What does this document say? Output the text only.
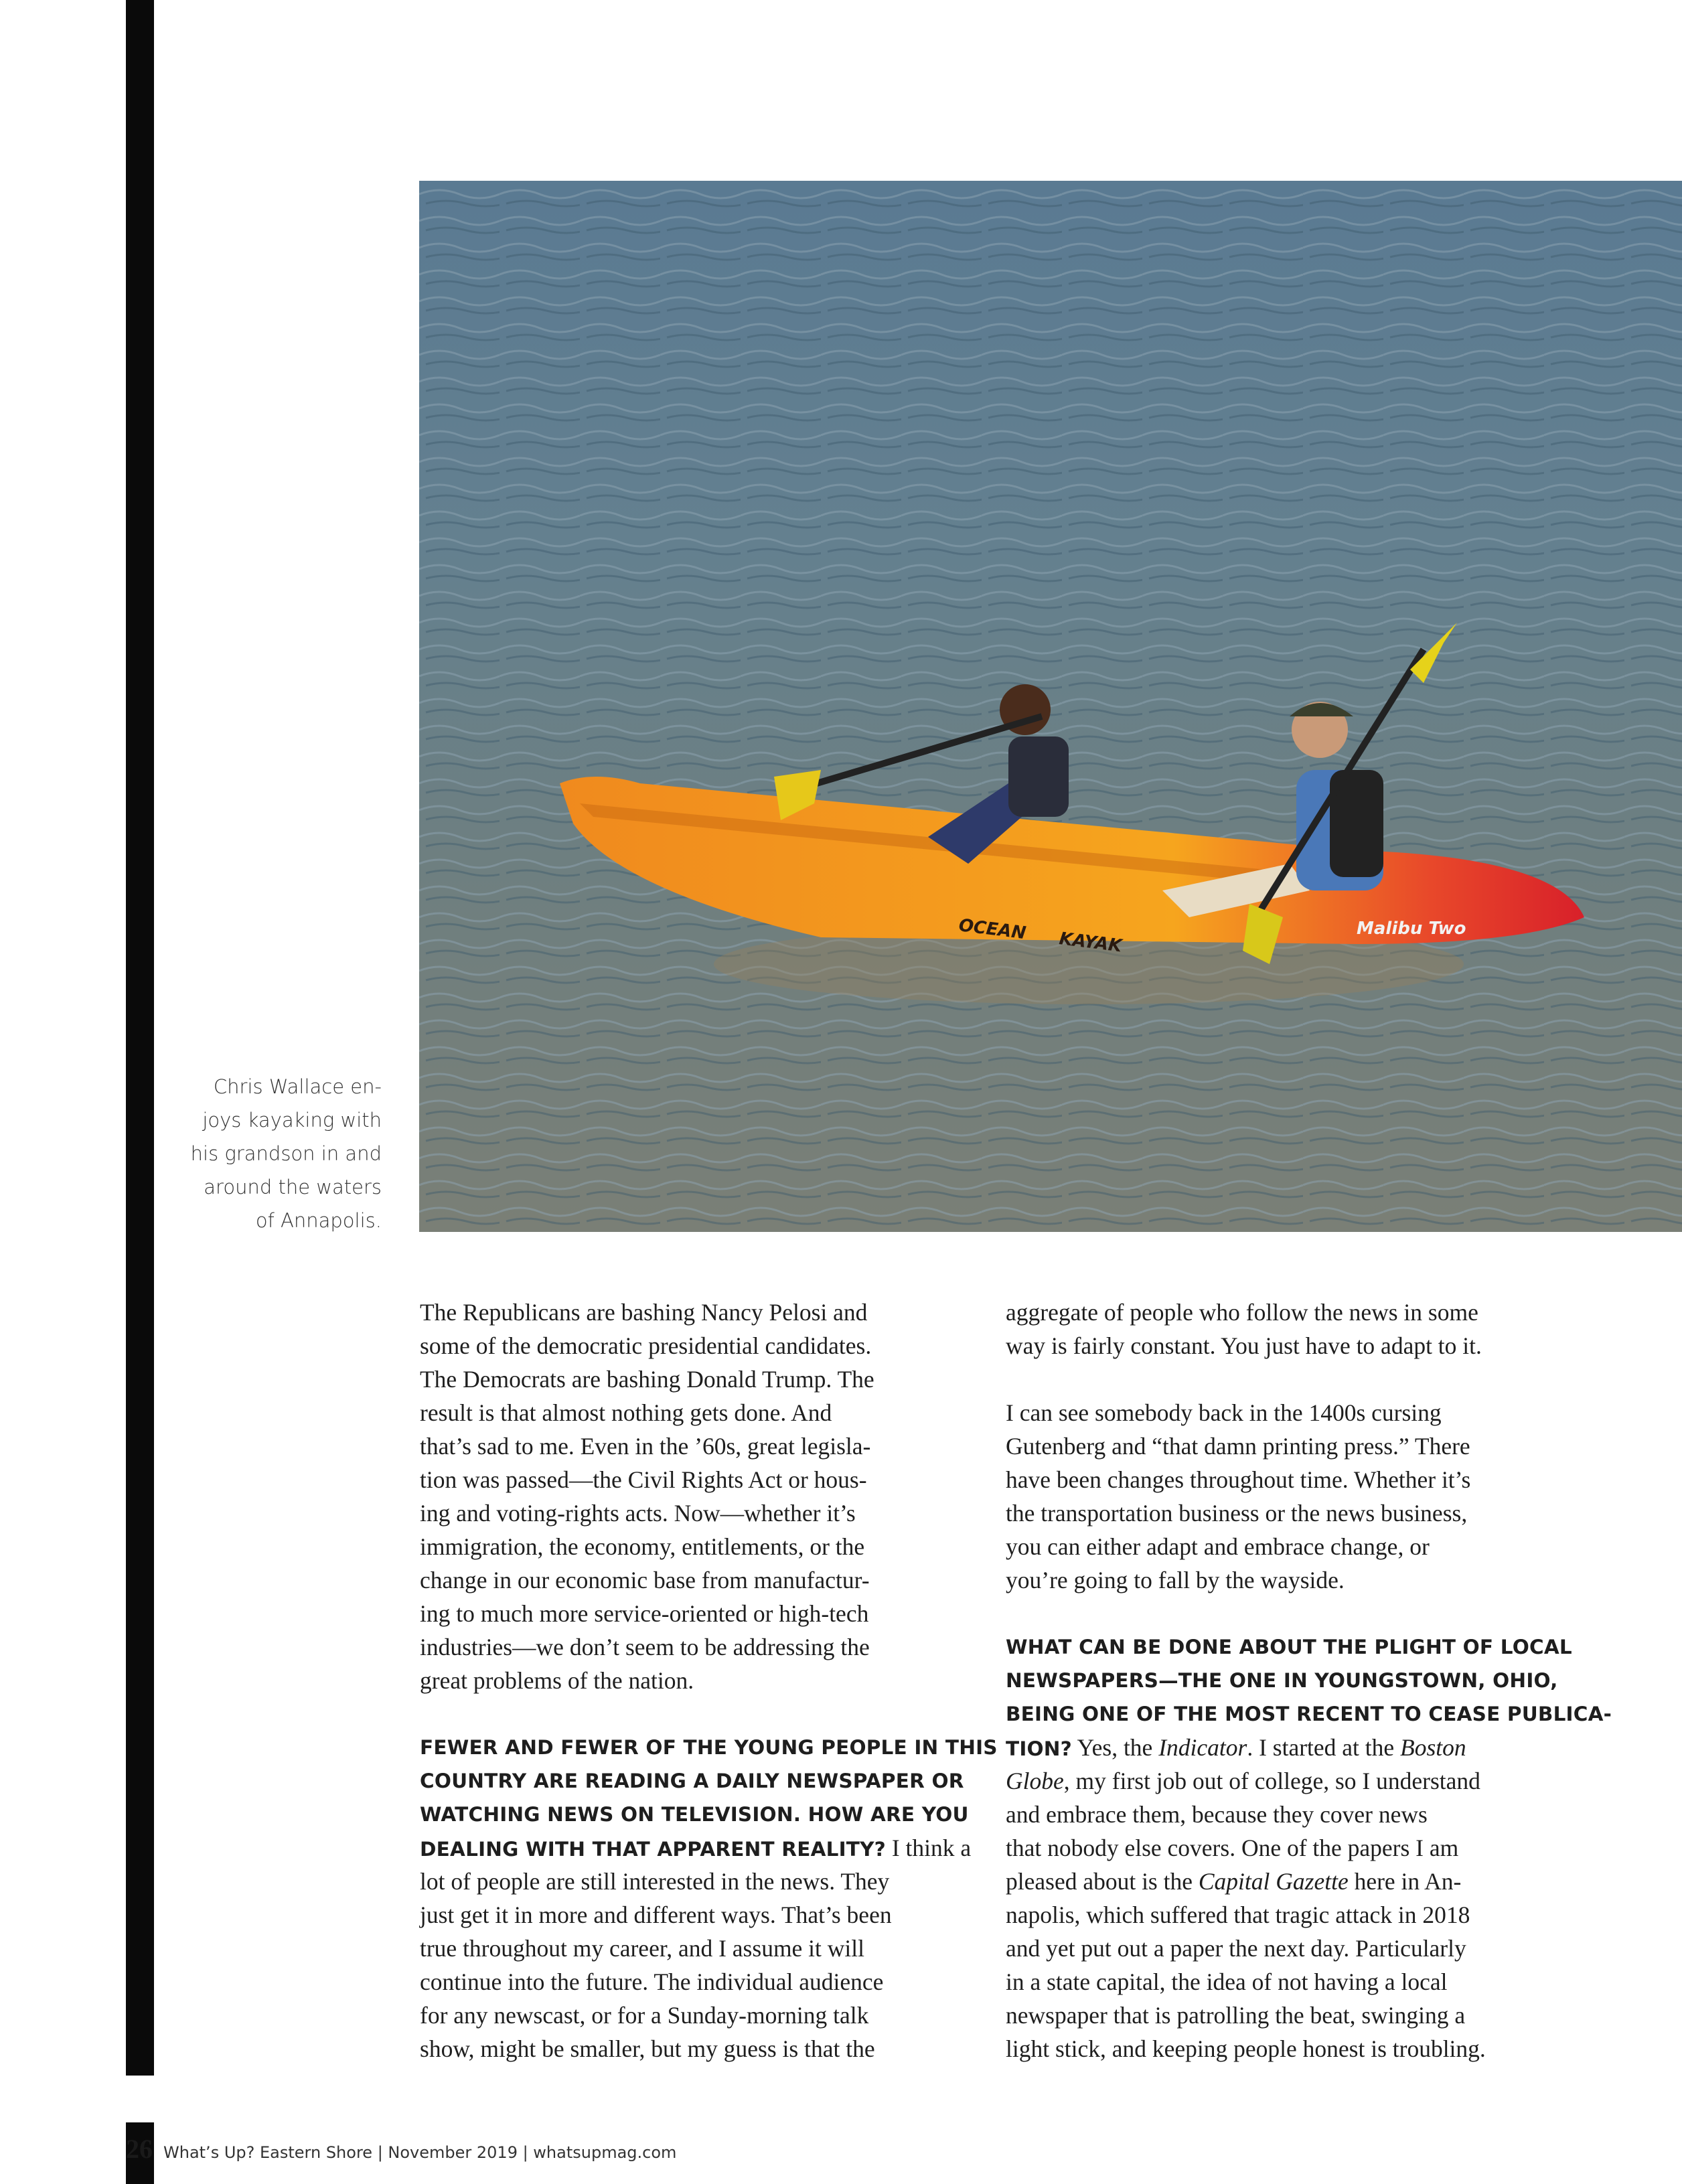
OCEAN KAYAK
Malibu Two
Chris Wallace en-
joys kayaking with
his grandson in and
around the waters
of Annapolis.
The Republicans are bashing Nancy Pelosi and
some of the democratic presidential candidates.
The Democrats are bashing Donald Trump. The
result is that almost nothing gets done. And
that’s sad to me. Even in the ’60s, great legisla-
tion was passed—the Civil Rights Act or hous-
ing and voting-rights acts. Now—whether it’s
immigration, the economy, entitlements, or the
change in our economic base from manufactur-
ing to much more service-oriented or high-tech
industries—we don’t seem to be addressing the
great problems of the nation.
FEWER AND FEWER OF THE YOUNG PEOPLE IN THIS
COUNTRY ARE READING A DAILY NEWSPAPER OR
WATCHING NEWS ON TELEVISION. HOW ARE YOU
DEALING WITH THAT APPARENT REALITY? I think a
lot of people are still interested in the news. They
just get it in more and different ways. That’s been
true throughout my career, and I assume it will
continue into the future. The individual audience
for any newscast, or for a Sunday-morning talk
show, might be smaller, but my guess is that the
aggregate of people who follow the news in some
way is fairly constant. You just have to adapt to it.
I can see somebody back in the 1400s cursing
Gutenberg and “that damn printing press.” There
have been changes throughout time. Whether it’s
the transportation business or the news business,
you can either adapt and embrace change, or
you’re going to fall by the wayside.
WHAT CAN BE DONE ABOUT THE PLIGHT OF LOCAL
NEWSPAPERS—THE ONE IN YOUNGSTOWN, OHIO,
BEING ONE OF THE MOST RECENT TO CEASE PUBLICA-
TION? Yes, the Indicator. I started at the Boston
Globe, my first job out of college, so I understand
and embrace them, because they cover news
that nobody else covers. One of the papers I am
pleased about is the Capital Gazette here in An-
napolis, which suffered that tragic attack in 2018
and yet put out a paper the next day. Particularly
in a state capital, the idea of not having a local
newspaper that is patrolling the beat, swinging a
light stick, and keeping people honest is troubling.
26 What’s Up? Eastern Shore | November 2019 | whatsupmag.com
